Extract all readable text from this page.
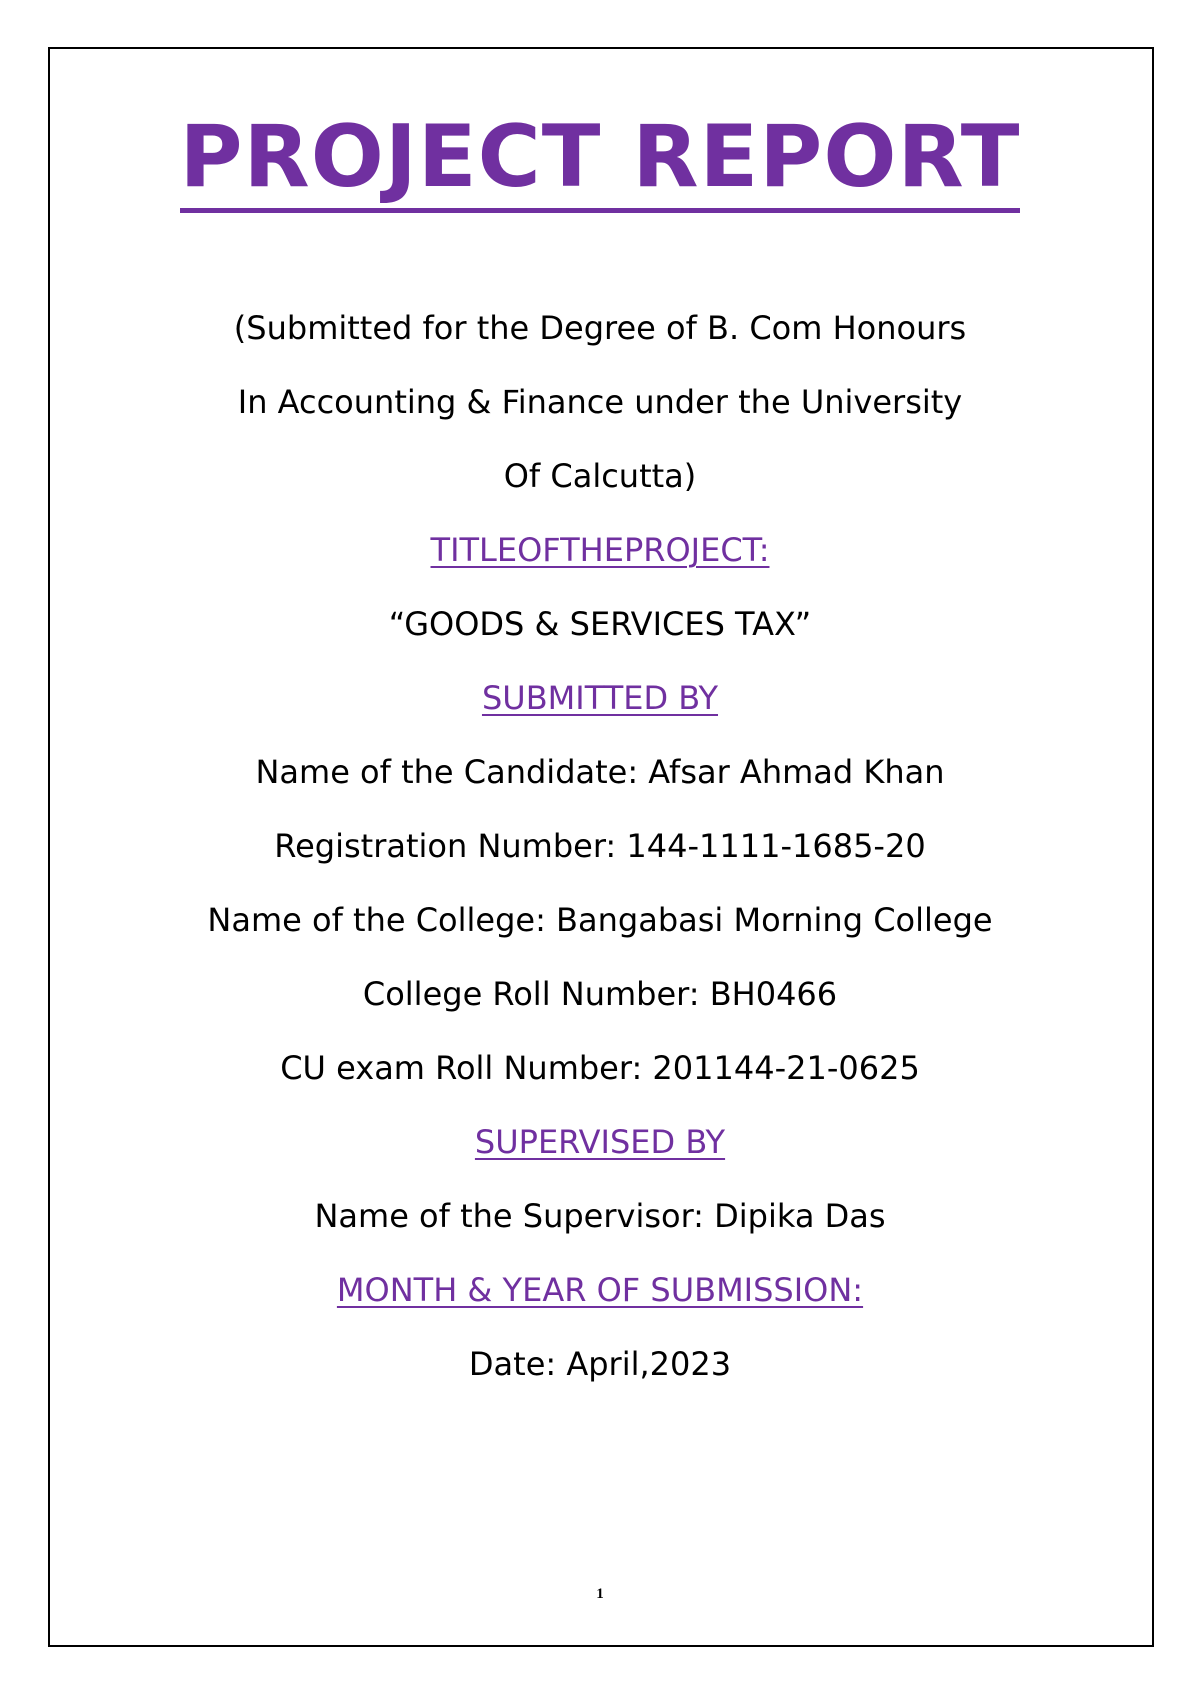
PROJECT REPORT
(Submitted for the Degree of B. Com Honours
In Accounting & Finance under the University
Of Calcutta)
TITLEOFTHEPROJECT:
“GOODS & SERVICES TAX”
SUBMITTED BY
Name of the Candidate: Afsar Ahmad Khan
Registration Number: 144-1111-1685-20
Name of the College: Bangabasi Morning College
College Roll Number: BH0466
CU exam Roll Number: 201144-21-0625
SUPERVISED BY
Name of the Supervisor: Dipika Das
MONTH & YEAR OF SUBMISSION:
Date: April,2023
1
